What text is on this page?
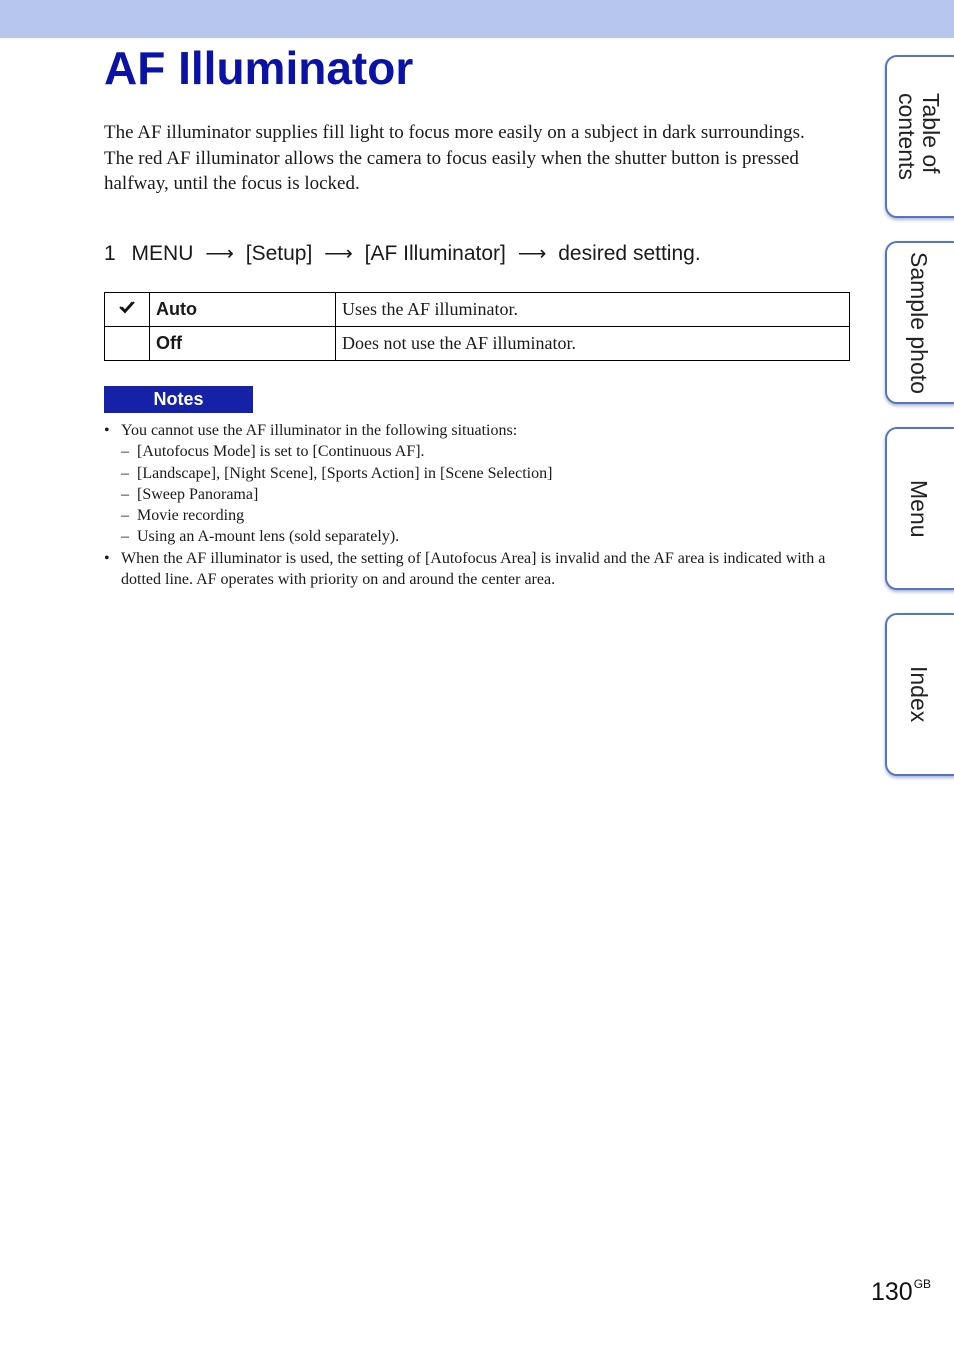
AF Illuminator

The AF illuminator supplies fill light to focus more easily on a subject in dark surroundings.

The red AF illuminator allows the camera to focus easily when the shutter button is pressed halfway, until the focus is locked.

1 MENU ⟶ [Setup] ⟶ [AF Illuminator] ⟶ desired setting.
	Auto	Uses the AF illuminator.
	Off	Does not use the AF illuminator.
Notes
• You cannot use the AF illuminator in the following situations:
– [Autofocus Mode] is set to [Continuous AF].
– [Landscape], [Night Scene], [Sports Action] in [Scene Selection]
– [Sweep Panorama]
– Movie recording
– Using an A-mount lens (sold separately).
• When the AF illuminator is used, the setting of [Autofocus Area] is invalid and the AF area is indicated with a dotted line. AF operates with priority on and around the center area.
Table of
contents
Sample photo
Menu
Index
$130^{GB}$
